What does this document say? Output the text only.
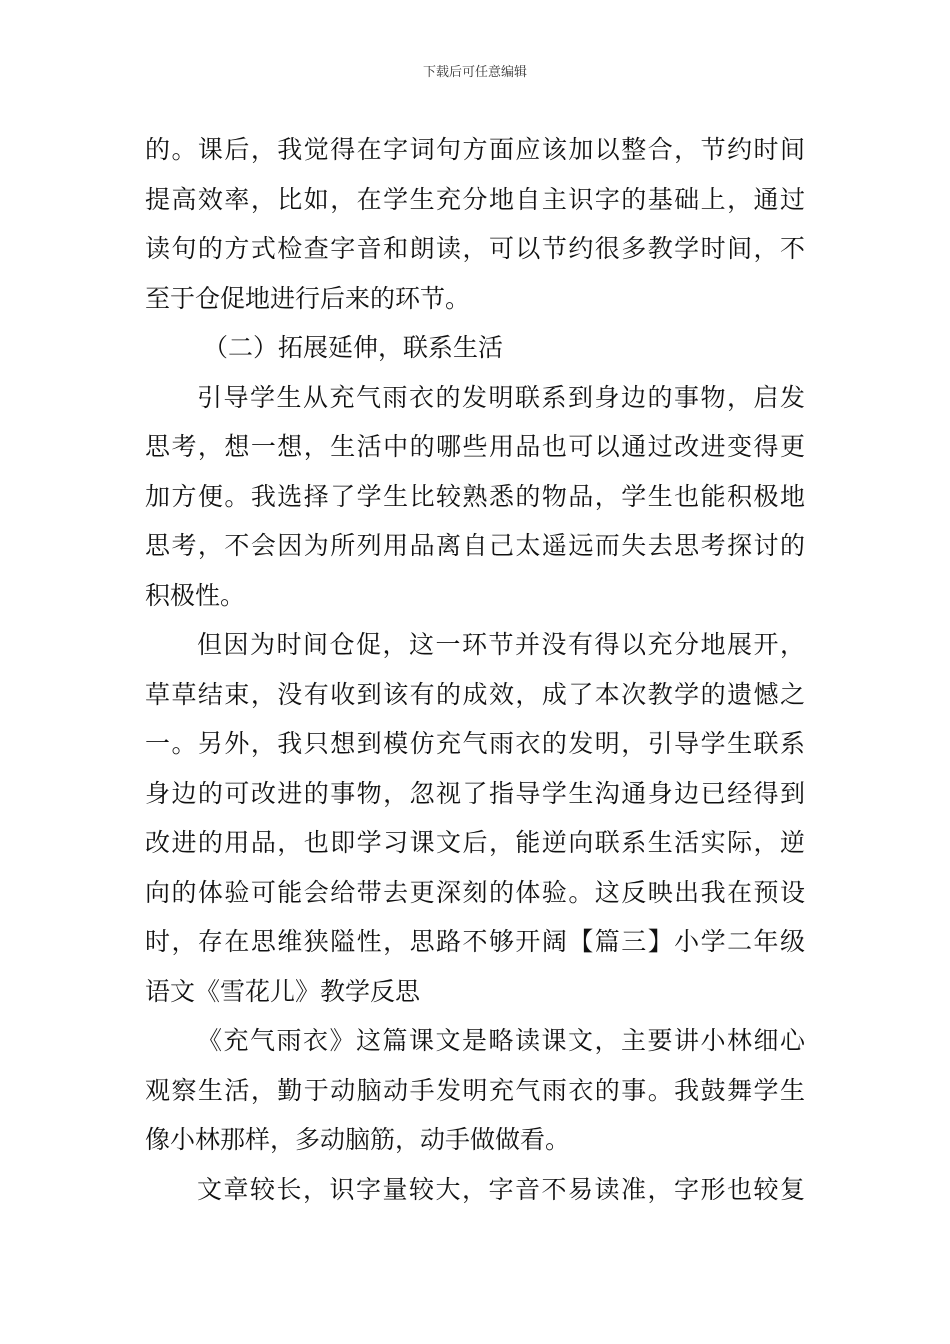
下载后可任意编辑
的。课后，我觉得在字词句方面应该加以整合，节约时间
提高效率，比如，在学生充分地自主识字的基础上，通过
读句的方式检查字音和朗读，可以节约很多教学时间，不
至于仓促地进行后来的环节。
（二）拓展延伸，联系生活
引导学生从充气雨衣的发明联系到身边的事物，启发
思考，想一想，生活中的哪些用品也可以通过改进变得更
加方便。我选择了学生比较熟悉的物品，学生也能积极地
思考，不会因为所列用品离自己太遥远而失去思考探讨的
积极性。
但因为时间仓促，这一环节并没有得以充分地展开，
草草结束，没有收到该有的成效，成了本次教学的遗憾之
一。另外，我只想到模仿充气雨衣的发明，引导学生联系
身边的可改进的事物，忽视了指导学生沟通身边已经得到
改进的用品，也即学习课文后，能逆向联系生活实际，逆
向的体验可能会给带去更深刻的体验。这反映出我在预设
时，存在思维狭隘性，思路不够开阔【篇三】小学二年级
语文《雪花儿》教学反思
《充气雨衣》这篇课文是略读课文，主要讲小林细心
观察生活，勤于动脑动手发明充气雨衣的事。我鼓舞学生
像小林那样，多动脑筋，动手做做看。
文章较长，识字量较大，字音不易读准，字形也较复
